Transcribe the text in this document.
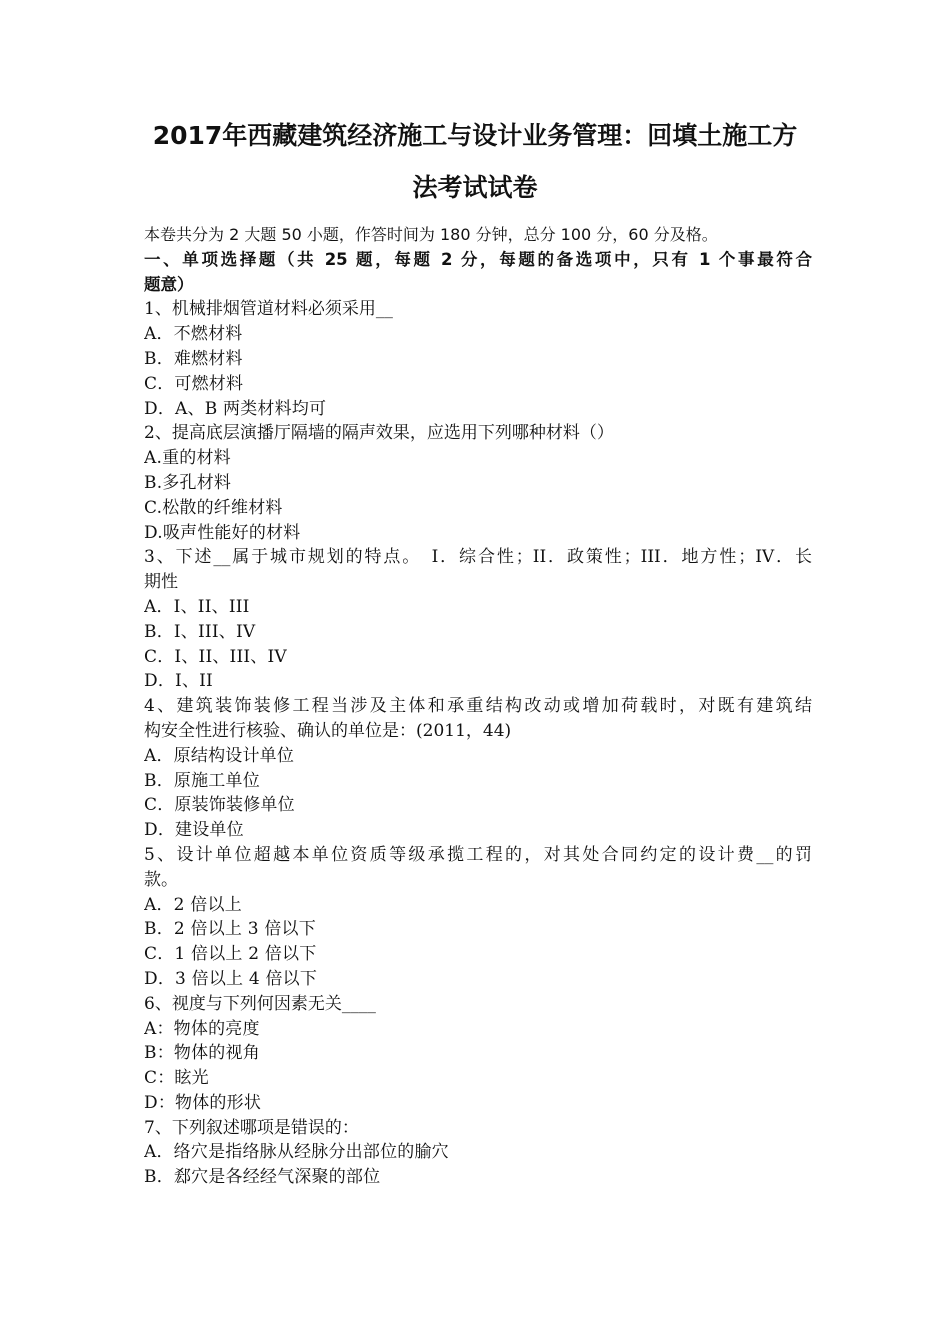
2017年西藏建筑经济施工与设计业务管理：回填土施工方
法考试试卷
本卷共分为 2 大题 50 小题，作答时间为 180 分钟，总分 100 分，60 分及格。
一、单项选择题（共 25 题，每题 2 分，每题的备选项中，只有 1 个事最符合
题意）
1、机械排烟管道材料必须采用__
A．不燃材料
B．难燃材料
C．可燃材料
D．A、B 两类材料均可
2、提高底层演播厅隔墙的隔声效果，应选用下列哪种材料（）
A.重的材料
B.多孔材料
C.松散的纤维材料
D.吸声性能好的材料
3、下述__属于城市规划的特点。　I．综合性；II．政策性；III．地方性；IV．长
期性
A．I、II、III
B．I、III、IV
C．I、II、III、IV
D．I、II
4、建筑装饰装修工程当涉及主体和承重结构改动或增加荷载时，对既有建筑结
构安全性进行核验、确认的单位是：(2011，44)
A．原结构设计单位
B．原施工单位
C．原装饰装修单位
D．建设单位
5、设计单位超越本单位资质等级承揽工程的，对其处合同约定的设计费__的罚
款。
A．2 倍以上
B．2 倍以上 3 倍以下
C．1 倍以上 2 倍以下
D．3 倍以上 4 倍以下
6、视度与下列何因素无关____
A：物体的亮度
B：物体的视角
C：眩光
D：物体的形状
7、下列叙述哪项是错误的：
A．络穴是指络脉从经脉分出部位的腧穴
B．郄穴是各经经气深聚的部位
